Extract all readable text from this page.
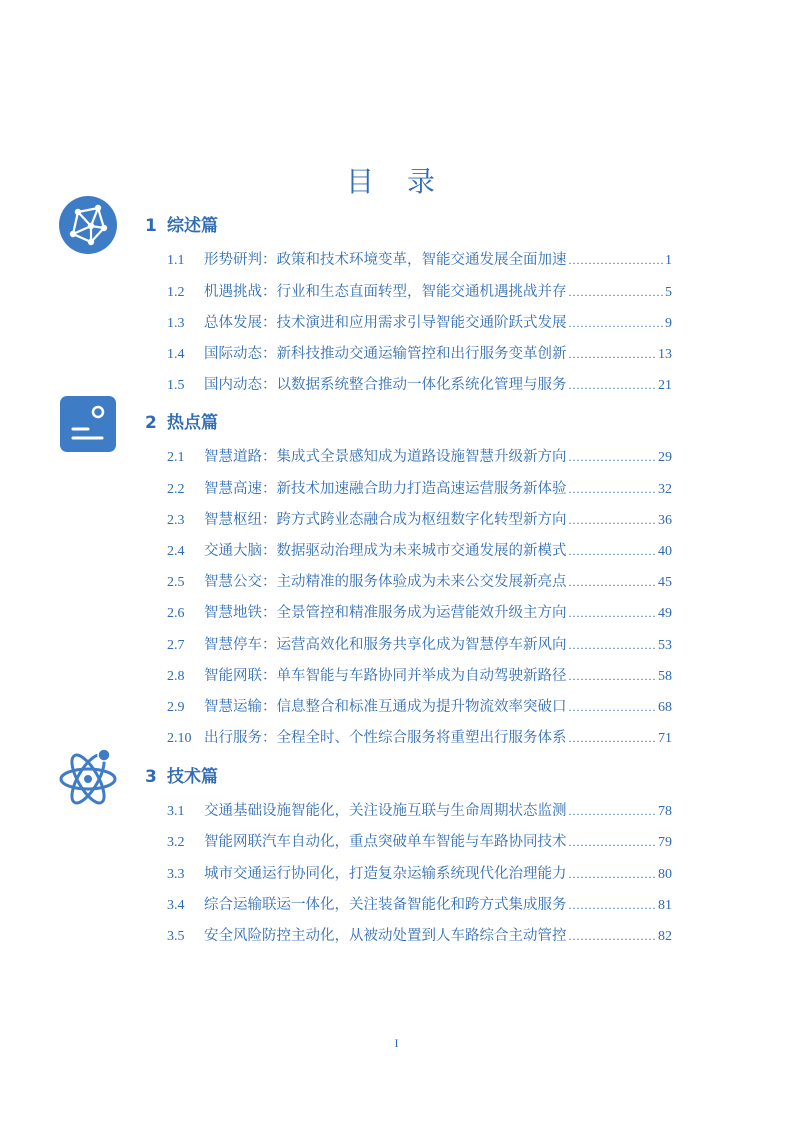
目 录
1 综述篇
1.1	形势研判：政策和技术环境变革，智能交通发展全面加速 .....	1
1.2	机遇挑战：行业和生态直面转型，智能交通机遇挑战并存 .....	5
1.3	总体发展：技术演进和应用需求引导智能交通阶跃式发展 .....	9
1.4	国际动态：新科技推动交通运输管控和出行服务变革创新 .....	13
1.5	国内动态：以数据系统整合推动一体化系统化管理与服务 .....	21
2 热点篇
2.1	智慧道路：集成式全景感知成为道路设施智慧升级新方向 .....	29
2.2	智慧高速：新技术加速融合助力打造高速运营服务新体验 .....	32
2.3	智慧枢纽：跨方式跨业态融合成为枢纽数字化转型新方向 .....	36
2.4	交通大脑：数据驱动治理成为未来城市交通发展的新模式 .....	40
2.5	智慧公交：主动精准的服务体验成为未来公交发展新亮点 .....	45
2.6	智慧地铁：全景管控和精准服务成为运营能效升级主方向 .....	49
2.7	智慧停车：运营高效化和服务共享化成为智慧停车新风向 .....	53
2.8	智能网联：单车智能与车路协同并举成为自动驾驶新路径 .....	58
2.9	智慧运输：信息整合和标准互通成为提升物流效率突破口 .....	68
2.10 出行服务：全程全时、个性综合服务将重塑出行服务体系 .....	71
3 技术篇
3.1	交通基础设施智能化，关注设施互联与生命周期状态监测 .....	78
3.2	智能网联汽车自动化，重点突破单车智能与车路协同技术 .....	79
3.3	城市交通运行协同化，打造复杂运输系统现代化治理能力 .....	80
3.4	综合运输联运一体化，关注装备智能化和跨方式集成服务 .....	81
3.5	安全风险防控主动化，从被动处置到人车路综合主动管控 .....	82
I
